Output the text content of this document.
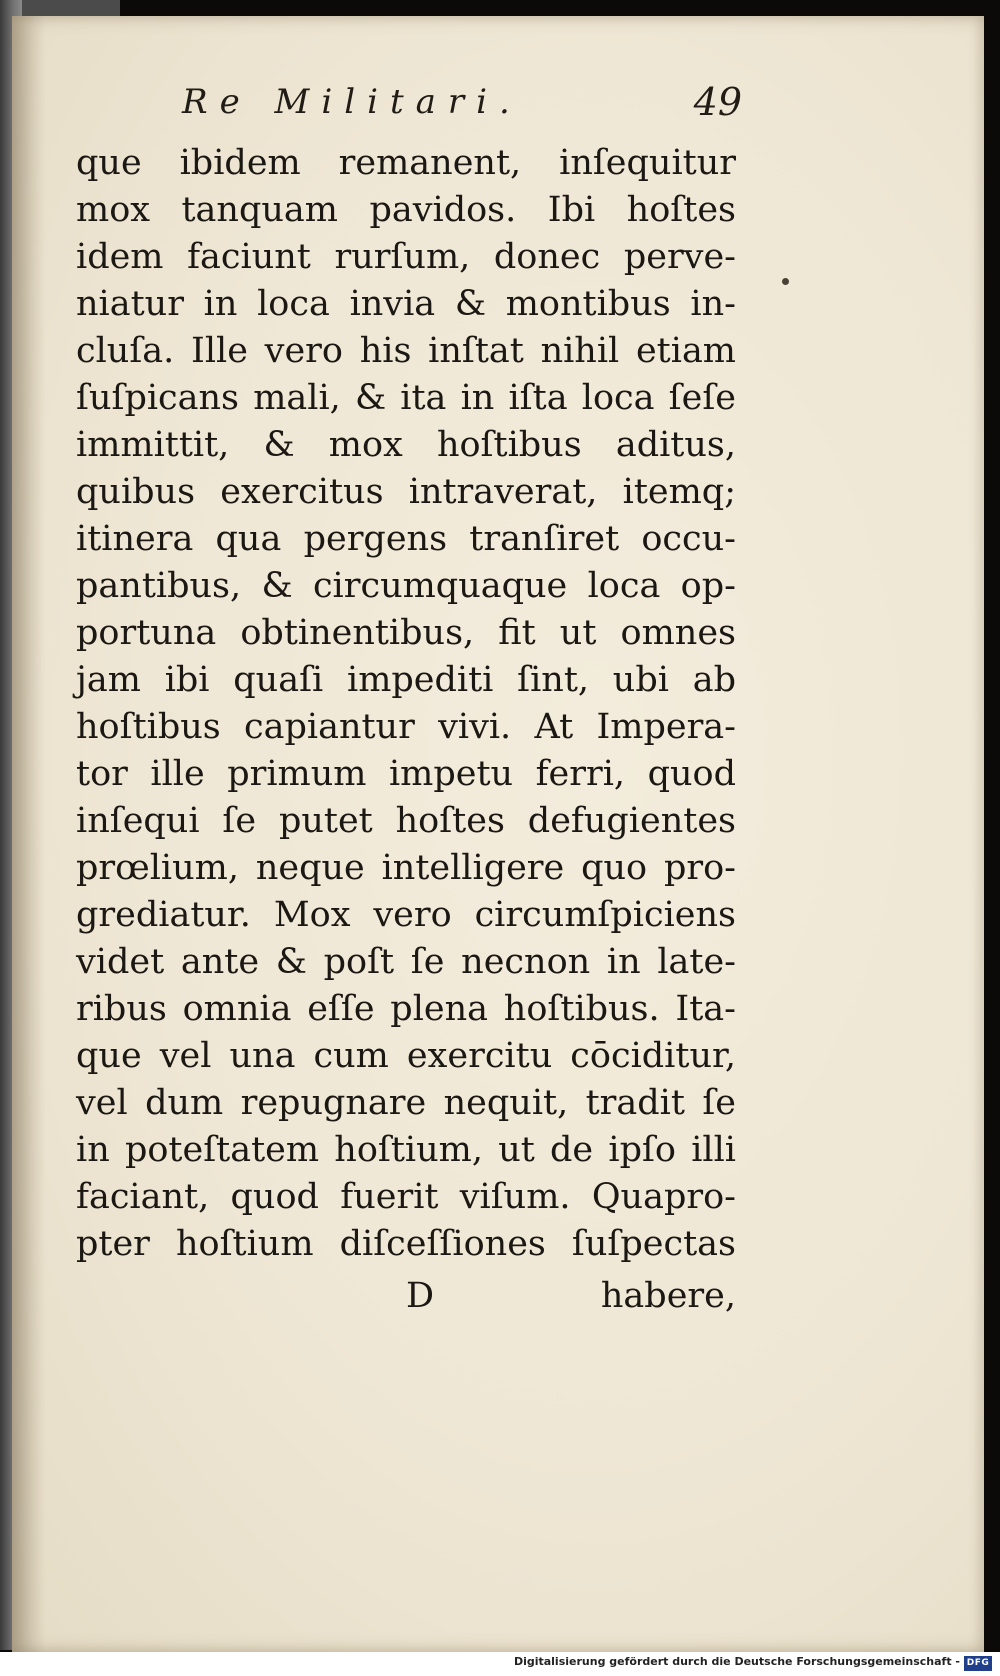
Re Militari.	49
que ibidem remanent, inſequitur
mox tanquam pavidos. Ibi hoſtes
idem faciunt rurſum, donec perve-
niatur in loca invia & montibus in-
cluſa. Ille vero his inſtat nihil etiam
ſuſpicans mali, & ita in iſta loca ſeſe
immittit, & mox hoſtibus aditus,
quibus exercitus intraverat, itemq;
itinera qua pergens tranſiret occu-
pantibus, & circumquaque loca op-
portuna obtinentibus, fit ut omnes
jam ibi quaſi impediti ſint, ubi ab
hoſtibus capiantur vivi. At Impera-
tor ille primum impetu ferri, quod
inſequi ſe putet hoſtes defugientes
prœlium, neque intelligere quo pro-
grediatur. Mox vero circumſpiciens
videt ante & poſt ſe necnon in late-
ribus omnia eſſe plena hoſtibus. Ita-
que vel una cum exercitu cōciditur,
vel dum repugnare nequit, tradit ſe
in poteſtatem hoſtium, ut de ipſo illi
faciant, quod fuerit viſum. Quapro-
pter hoſtium diſceſſiones ſuſpectas
D	habere,
Digitalisierung gefördert durch die Deutsche Forschungsgemeinschaft - DFG
